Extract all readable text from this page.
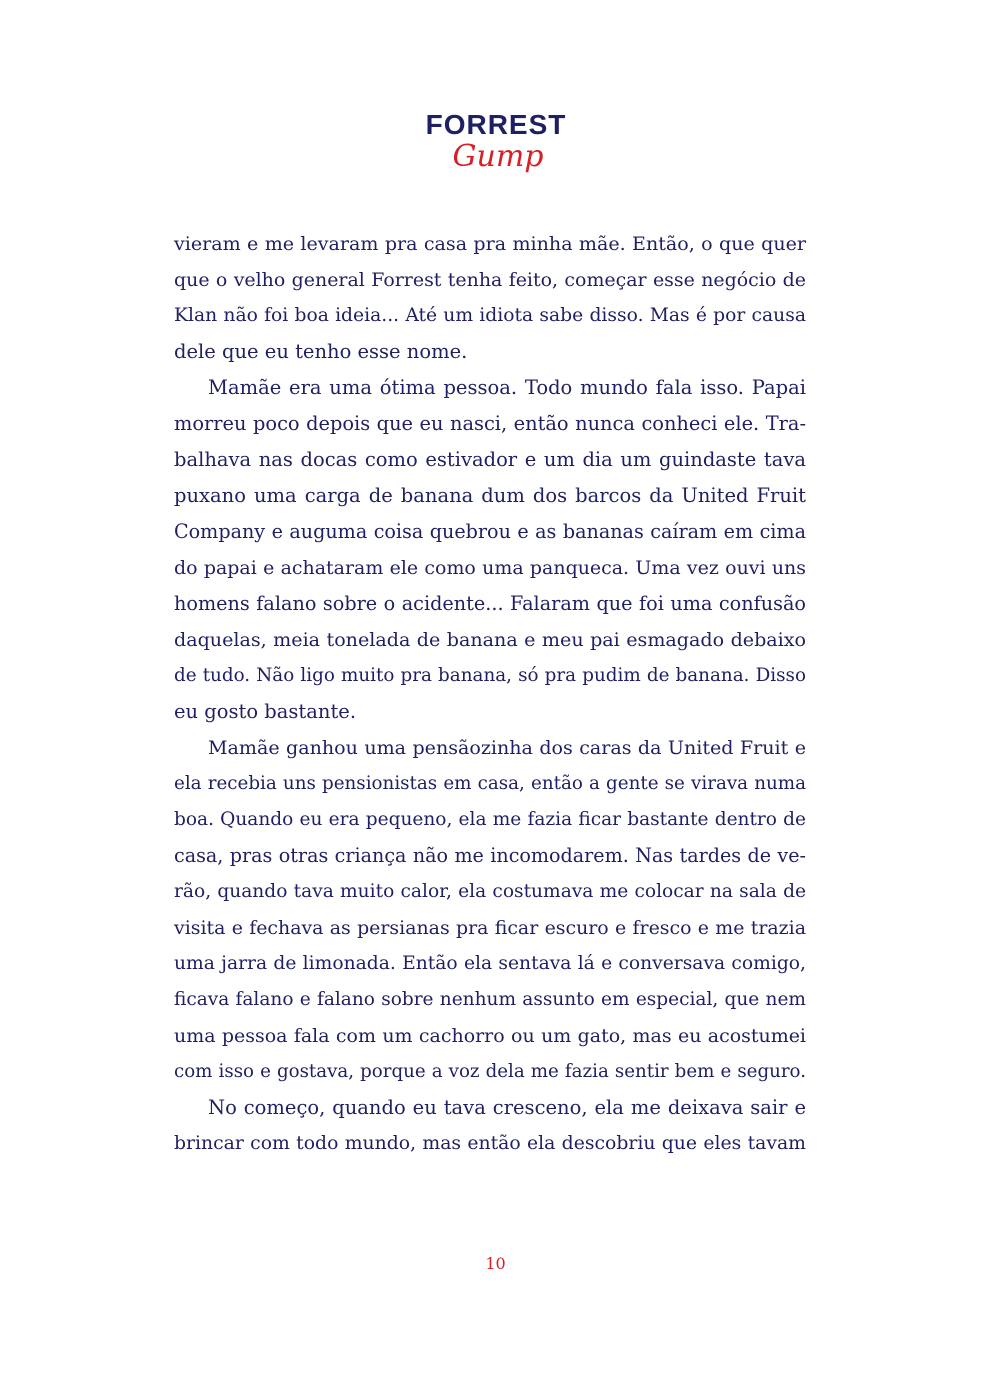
FORREST
Gump
vieram e me levaram pra casa pra minha mãe. Então, o que quer
que o velho general Forrest tenha feito, começar esse negócio de
Klan não foi boa ideia... Até um idiota sabe disso. Mas é por causa
dele que eu tenho esse nome.
Mamãe era uma ótima pessoa. Todo mundo fala isso. Papai
morreu poco depois que eu nasci, então nunca conheci ele. Tra-
balhava nas docas como estivador e um dia um guindaste tava
puxano uma carga de banana dum dos barcos da United Fruit
Company e auguma coisa quebrou e as bananas caíram em cima
do papai e achataram ele como uma panqueca. Uma vez ouvi uns
homens falano sobre o acidente... Falaram que foi uma confusão
daquelas, meia tonelada de banana e meu pai esmagado debaixo
de tudo. Não ligo muito pra banana, só pra pudim de banana. Disso
eu gosto bastante.
Mamãe ganhou uma pensãozinha dos caras da United Fruit e
ela recebia uns pensionistas em casa, então a gente se virava numa
boa. Quando eu era pequeno, ela me fazia ficar bastante dentro de
casa, pras otras criança não me incomodarem. Nas tardes de ve-
rão, quando tava muito calor, ela costumava me colocar na sala de
visita e fechava as persianas pra ficar escuro e fresco e me trazia
uma jarra de limonada. Então ela sentava lá e conversava comigo,
ficava falano e falano sobre nenhum assunto em especial, que nem
uma pessoa fala com um cachorro ou um gato, mas eu acostumei
com isso e gostava, porque a voz dela me fazia sentir bem e seguro.
No começo, quando eu tava cresceno, ela me deixava sair e
brincar com todo mundo, mas então ela descobriu que eles tavam
10
